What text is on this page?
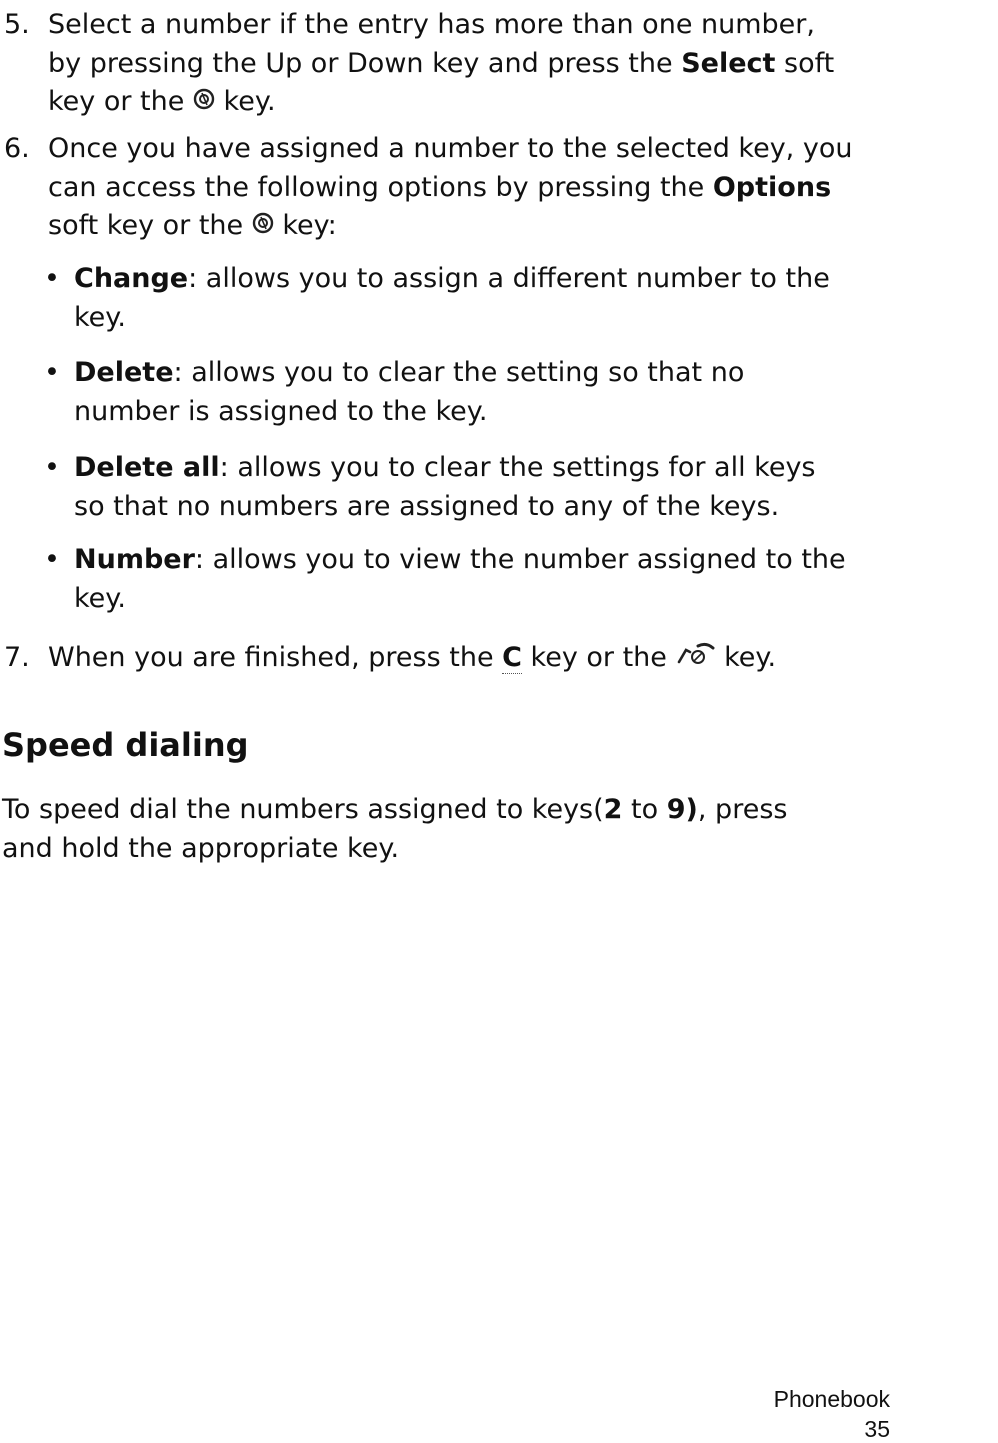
5. Select a number if the entry has more than one number,
by pressing the Up or Down key and press the Select soft
key or the  key.
6. Once you have assigned a number to the selected key, you
can access the following options by pressing the Options
soft key or the  key:
• Change: allows you to assign a different number to the
key.
• Delete: allows you to clear the setting so that no
number is assigned to the key.
• Delete all: allows you to clear the settings for all keys
so that no numbers are assigned to any of the keys.
• Number: allows you to view the number assigned to the
key.
7. When you are finished, press the C key or the  key.
Speed dialing
To speed dial the numbers assigned to keys(2 to 9), press
and hold the appropriate key.
Phonebook
35
